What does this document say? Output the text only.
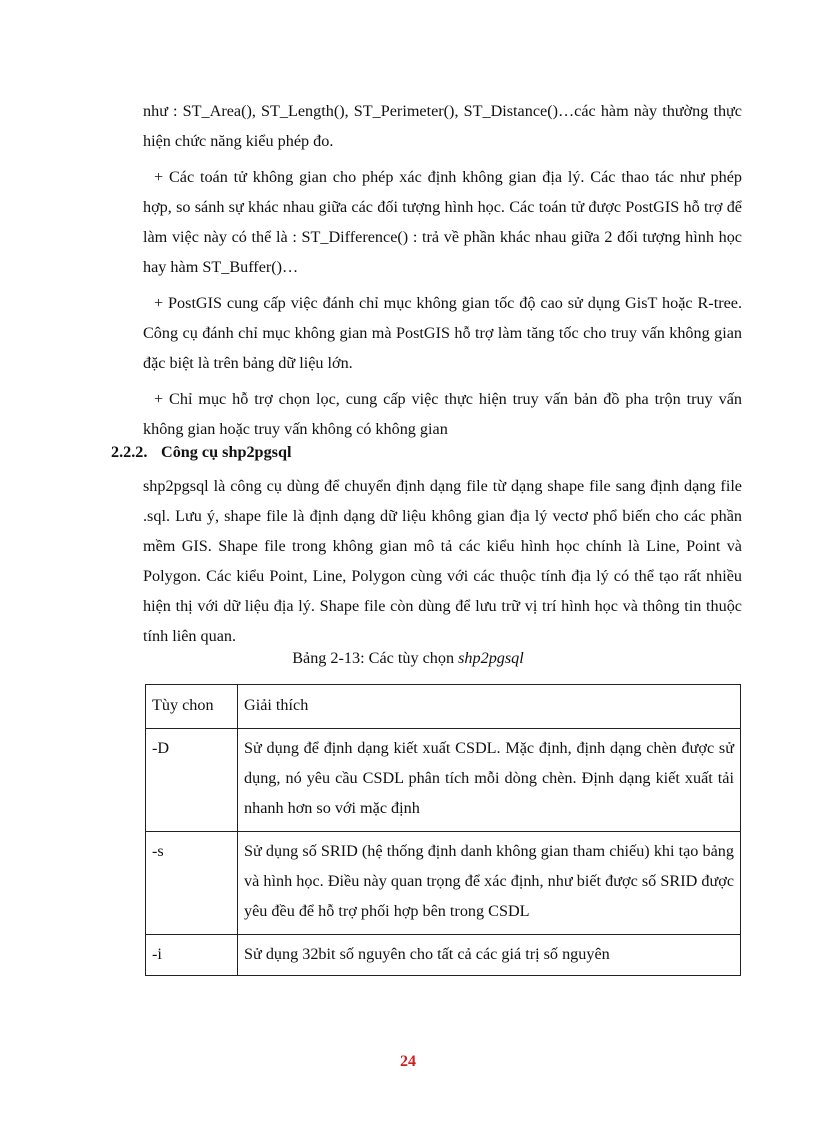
như : ST_Area(), ST_Length(), ST_Perimeter(), ST_Distance()…các hàm này thường thực hiện chức năng kiểu phép đo.

+ Các toán tử không gian cho phép xác định không gian địa lý. Các thao tác như phép hợp, so sánh sự khác nhau giữa các đối tượng hình học. Các toán tử được PostGIS hỗ trợ để làm việc này có thể là : ST_Difference() : trả về phần khác nhau giữa 2 đối tượng hình học hay hàm ST_Buffer()…

+ PostGIS cung cấp việc đánh chỉ mục không gian tốc độ cao sử dụng GisT hoặc R-tree. Công cụ đánh chỉ mục không gian mà PostGIS hỗ trợ làm tăng tốc cho truy vấn không gian đặc biệt là trên bảng dữ liệu lớn.

+ Chỉ mục hỗ trợ chọn lọc, cung cấp việc thực hiện truy vấn bản đồ pha trộn truy vấn không gian hoặc truy vấn không có không gian

2.2.2. Công cụ shp2pgsql

shp2pgsql là công cụ dùng để chuyển định dạng file từ dạng shape file sang định dạng file .sql. Lưu ý, shape file là định dạng dữ liệu không gian địa lý vectơ phổ biến cho các phần mềm GIS. Shape file trong không gian mô tả các kiểu hình học chính là Line, Point và Polygon. Các kiểu Point, Line, Polygon cùng với các thuộc tính địa lý có thể tạo rất nhiều hiện thị với dữ liệu địa lý. Shape file còn dùng để lưu trữ vị trí hình học và thông tin thuộc tính liên quan.

Bảng 2-13: Các tùy chọn shp2pgsql

Tùy chon	Giải thích
-D	Sử dụng để định dạng kiết xuất CSDL. Mặc định, định dạng chèn được sử dụng, nó yêu cầu CSDL phân tích mỗi dòng chèn. Định dạng kiết xuất tải nhanh hơn so với mặc định
-s	Sử dụng số SRID (hệ thống định danh không gian tham chiếu) khi tạo bảng và hình học. Điều này quan trọng để xác định, như biết được số SRID được yêu đều để hỗ trợ phối hợp bên trong CSDL
-i	Sử dụng 32bit số nguyên cho tất cả các giá trị số nguyên
24
